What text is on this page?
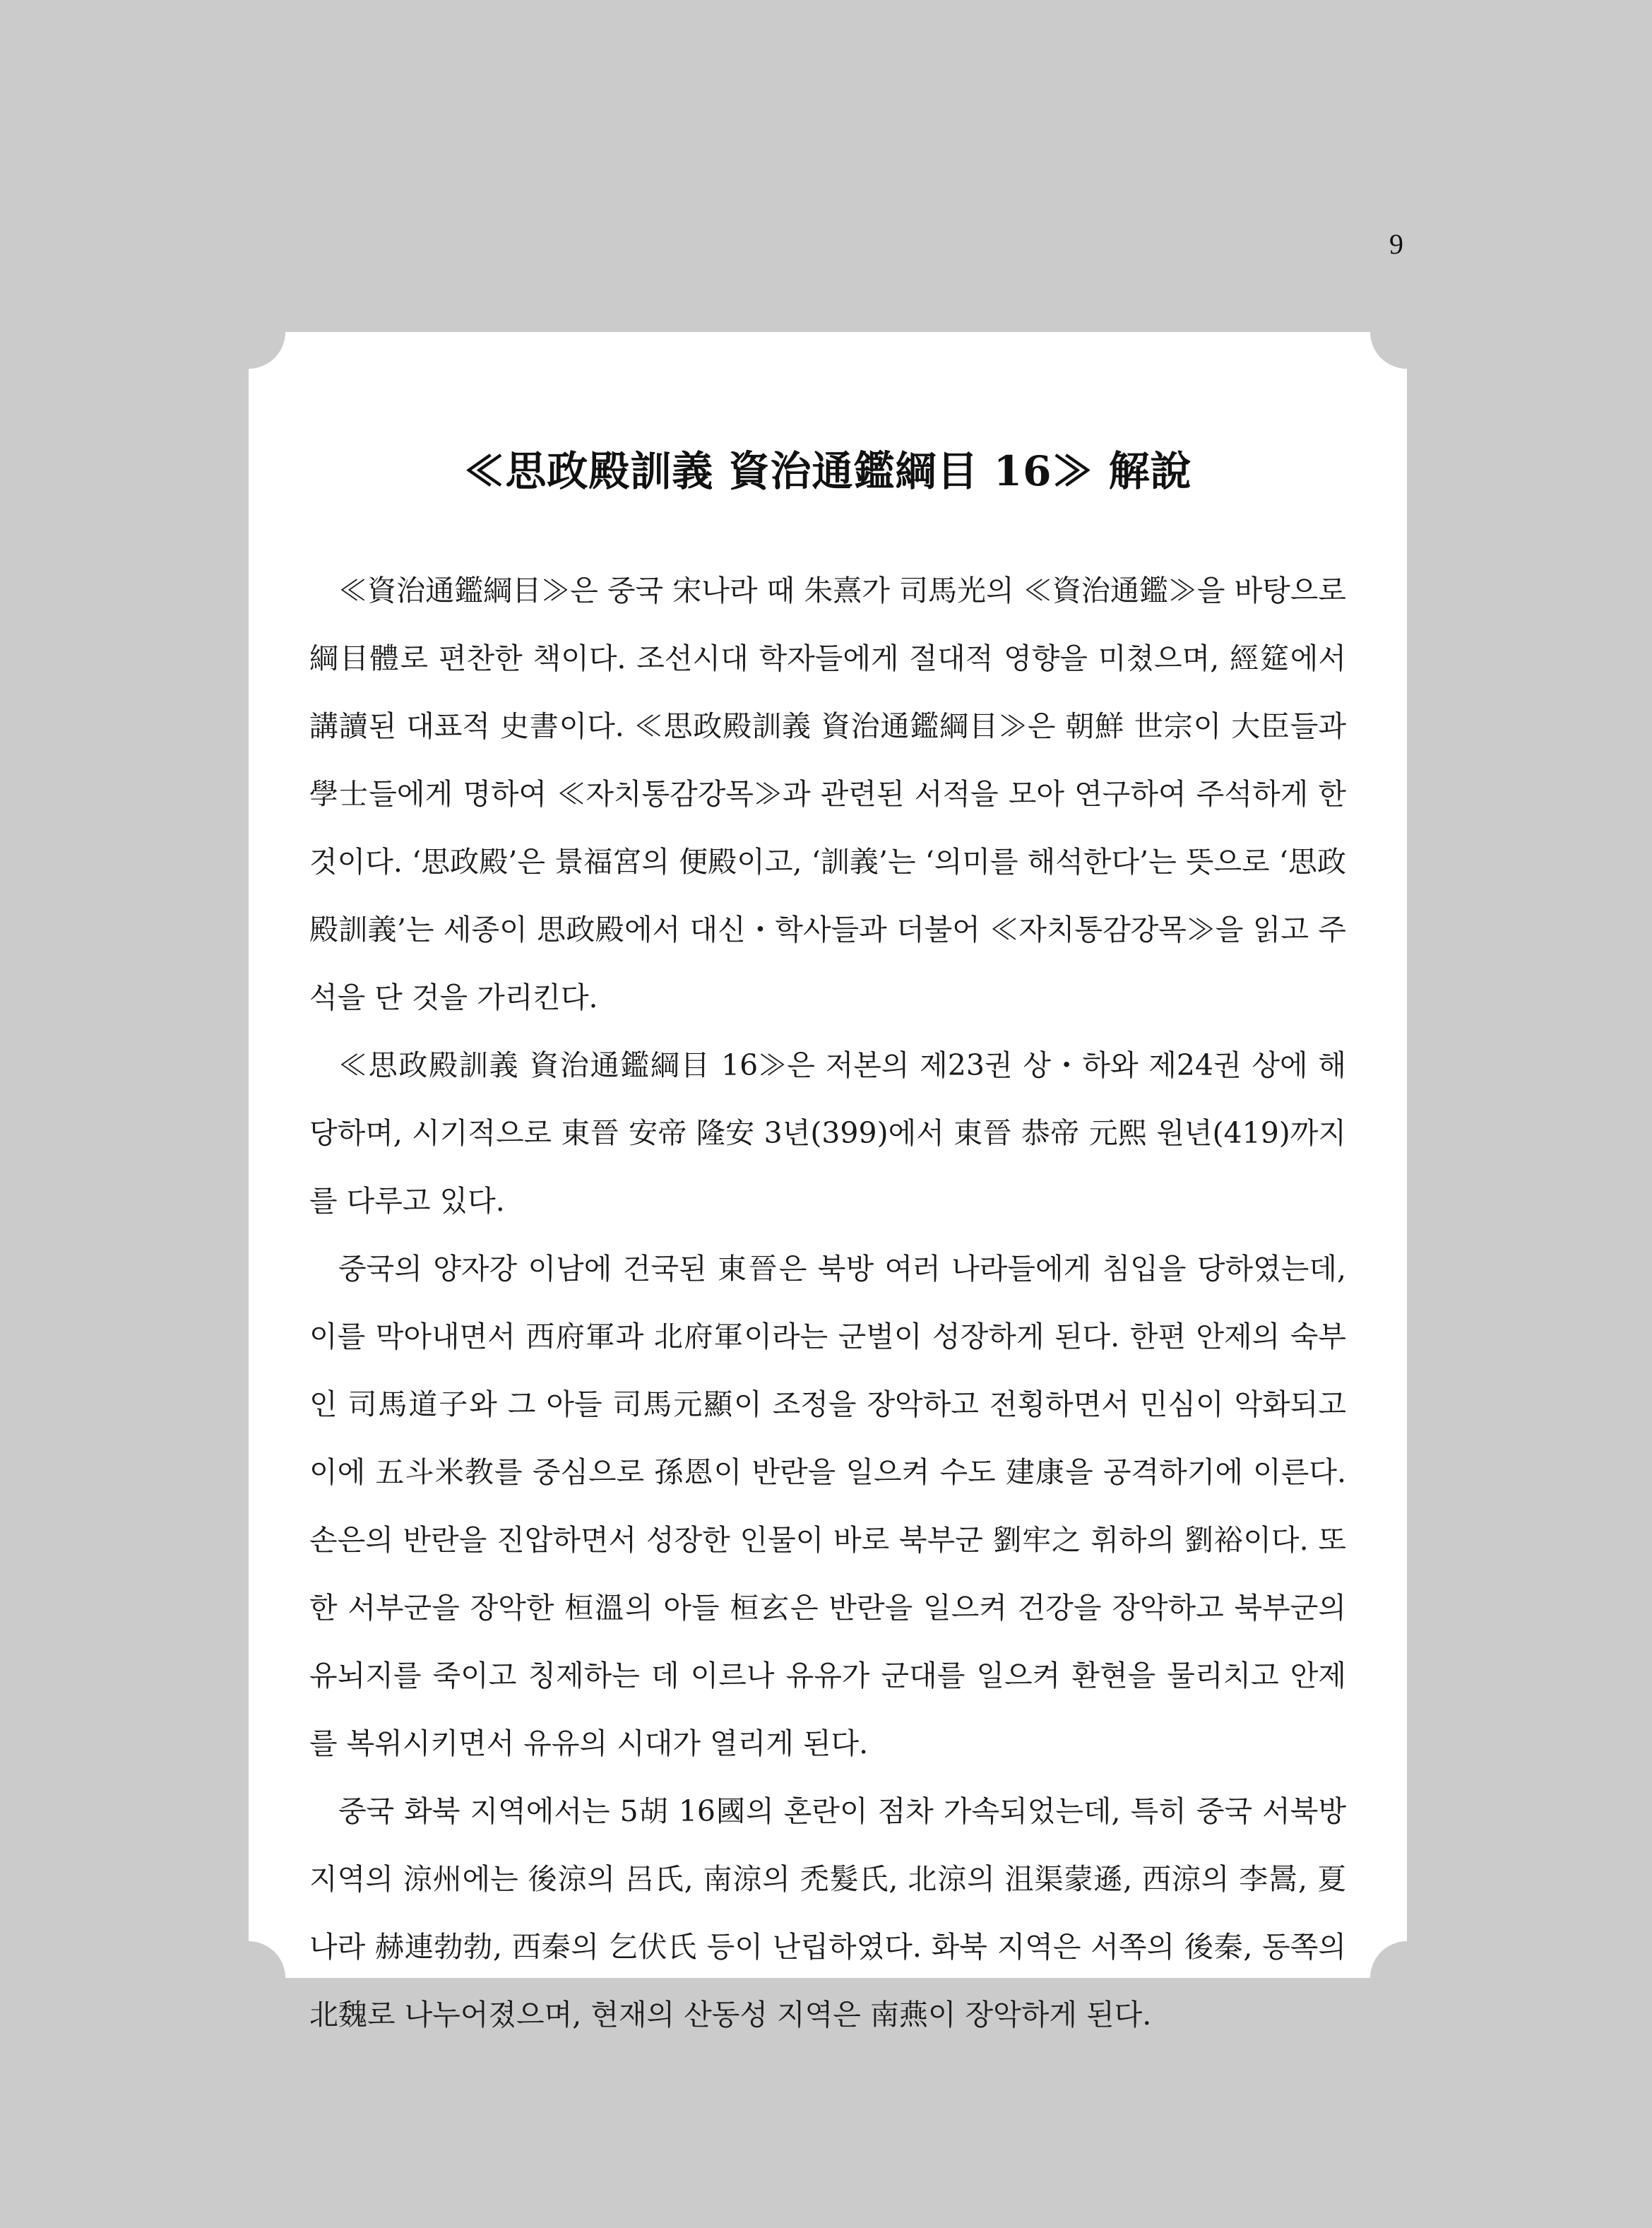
9
≪思政殿訓義 資治通鑑綱目 16≫ 解說

≪資治通鑑綱目≫은 중국 宋나라 때 朱熹가 司馬光의 ≪資治通鑑≫을 바탕으로 綱目體로 편찬한 책이다. 조선시대 학자들에게 절대적 영향을 미쳤으며, 經筵에서 講讀된 대표적 史書이다. ≪思政殿訓義 資治通鑑綱目≫은 朝鮮 世宗이 大臣들과 學士들에게 명하여 ≪자치통감강목≫과 관련된 서적을 모아 연구하여 주석하게 한 것이다. ‘思政殿’은 景福宮의 便殿이고, ‘訓義’는 ‘의미를 해석한다’는 뜻으로 ‘思政殿訓義’는 세종이 思政殿에서 대신・학사들과 더불어 ≪자치통감강목≫을 읽고 주석을 단 것을 가리킨다.

≪思政殿訓義 資治通鑑綱目 16≫은 저본의 제23권 상・하와 제24권 상에 해당하며, 시기적으로 東晉 安帝 隆安 3년(399)에서 東晉 恭帝 元熙 원년(419)까지를 다루고 있다.

중국의 양자강 이남에 건국된 東晉은 북방 여러 나라들에게 침입을 당하였는데, 이를 막아내면서 西府軍과 北府軍이라는 군벌이 성장하게 된다. 한편 안제의 숙부인 司馬道子와 그 아들 司馬元顯이 조정을 장악하고 전횡하면서 민심이 악화되고 이에 五斗米教를 중심으로 孫恩이 반란을 일으켜 수도 建康을 공격하기에 이른다. 손은의 반란을 진압하면서 성장한 인물이 바로 북부군 劉牢之 휘하의 劉裕이다. 또한 서부군을 장악한 桓溫의 아들 桓玄은 반란을 일으켜 건강을 장악하고 북부군의 유뇌지를 죽이고 칭제하는 데 이르나 유유가 군대를 일으켜 환현을 물리치고 안제를 복위시키면서 유유의 시대가 열리게 된다.

중국 화북 지역에서는 5胡 16國의 혼란이 점차 가속되었는데, 특히 중국 서북방 지역의 涼州에는 後涼의 呂氏, 南涼의 禿髮氏, 北涼의 沮渠蒙遜, 西涼의 李暠, 夏나라 赫連勃勃, 西秦의 乞伏氏 등이 난립하였다. 화북 지역은 서쪽의 後秦, 동쪽의 北魏로 나누어졌으며, 현재의 산동성 지역은 南燕이 장악하게 된다.
